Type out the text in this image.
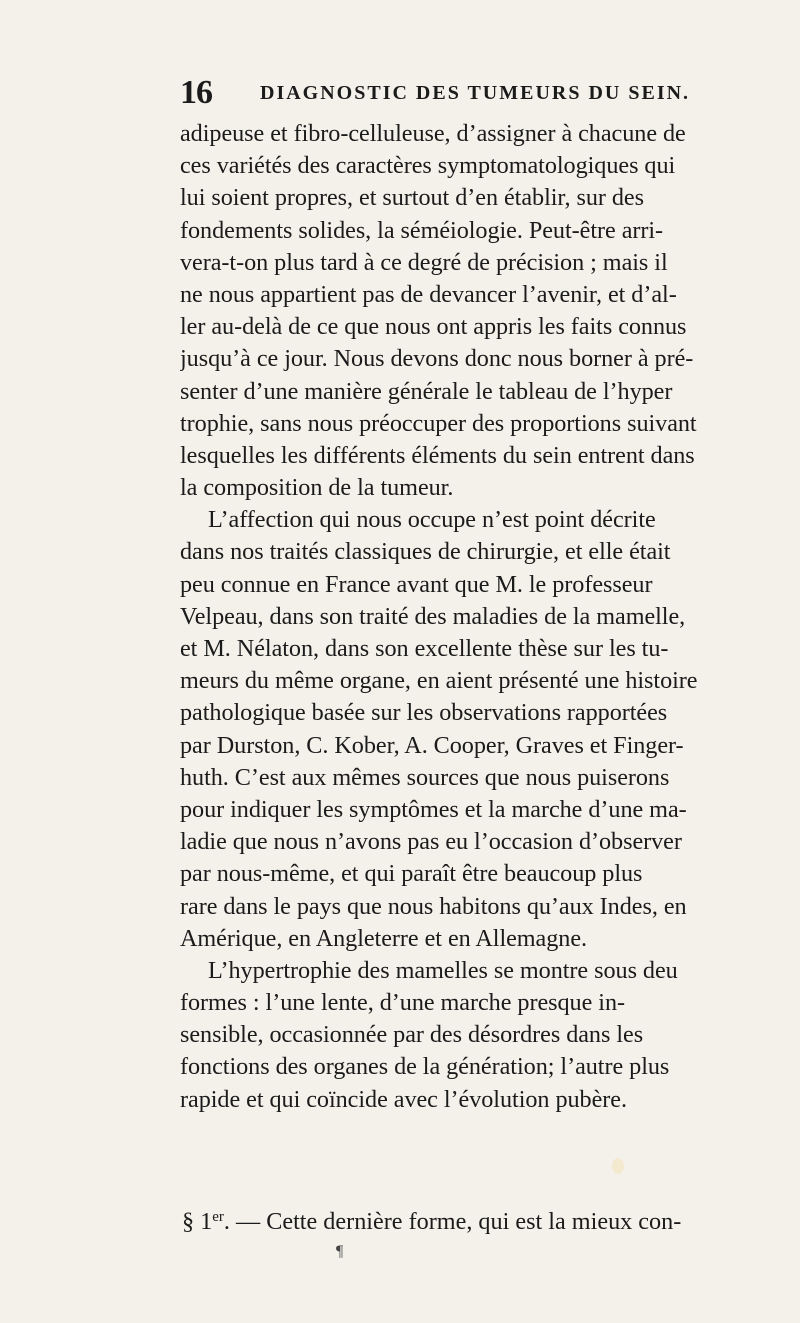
16 DIAGNOSTIC DES TUMEURS DU SEIN.
adipeuse et fibro-celluleuse, d’assigner à chacune de
ces variétés des caractères symptomatologiques qui
lui soient propres, et surtout d’en établir, sur des
fondements solides, la séméiologie. Peut-être arri-
vera-t-on plus tard à ce degré de précision ; mais il
ne nous appartient pas de devancer l’avenir, et d’al-
ler au-delà de ce que nous ont appris les faits connus
jusqu’à ce jour. Nous devons donc nous borner à pré-
senter d’une manière générale le tableau de l’hyper
trophie, sans nous préoccuper des proportions suivant
lesquelles les différents éléments du sein entrent dans
la composition de la tumeur.
L’affection qui nous occupe n’est point décrite
dans nos traités classiques de chirurgie, et elle était
peu connue en France avant que M. le professeur
Velpeau, dans son traité des maladies de la mamelle,
et M. Nélaton, dans son excellente thèse sur les tu-
meurs du même organe, en aient présenté une histoire
pathologique basée sur les observations rapportées
par Durston, C. Kober, A. Cooper, Graves et Finger-
huth. C’est aux mêmes sources que nous puiserons
pour indiquer les symptômes et la marche d’une ma-
ladie que nous n’avons pas eu l’occasion d’observer
par nous-même, et qui paraît être beaucoup plus
rare dans le pays que nous habitons qu’aux Indes, en
Amérique, en Angleterre et en Allemagne.
L’hypertrophie des mamelles se montre sous deu
formes : l’une lente, d’une marche presque in-
sensible, occasionnée par des désordres dans les
fonctions des organes de la génération; l’autre plus
rapide et qui coïncide avec l’évolution pubère.
§ 1er. — Cette dernière forme, qui est la mieux con-
¶
